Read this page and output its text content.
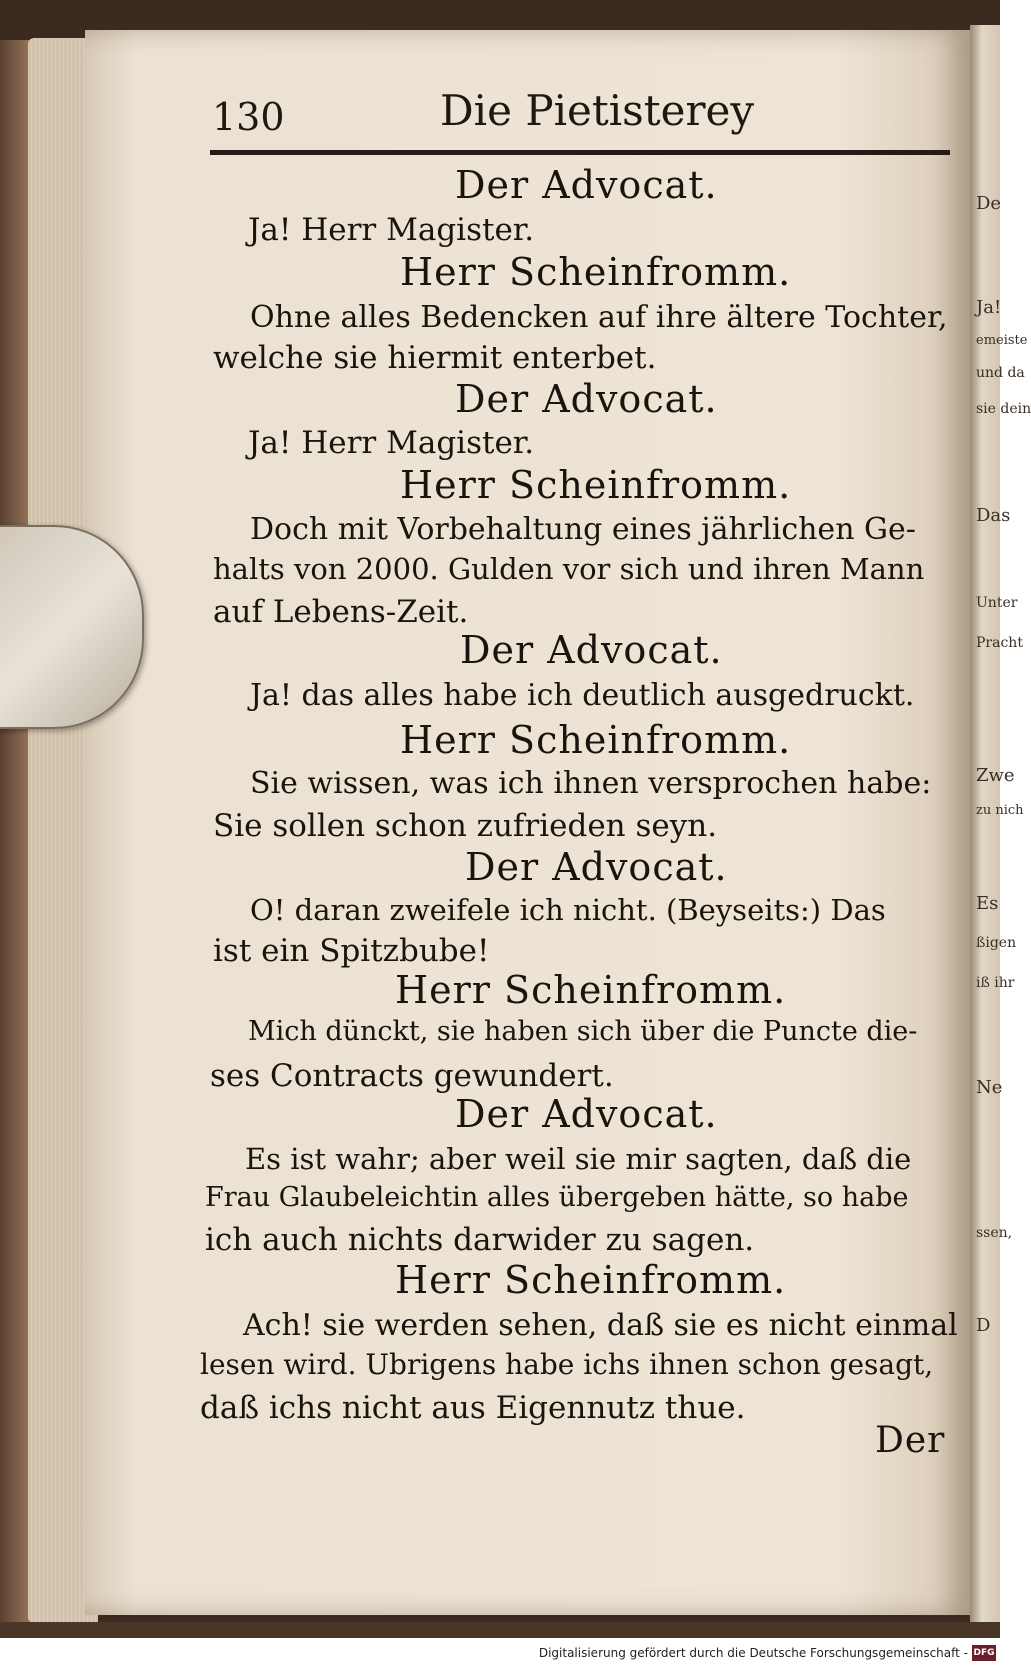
De
Ja!
emeiste
und da
sie dein
Das
Unter
Pracht
Zwe
zu nich
Es
ßigen
iß ihr
Ne
ssen,
D
130	Die Pietisterey
Der Advocat.
Ja! Herr Magister.
Herr Scheinfromm.
Ohne alles Bedencken auf ihre ältere Tochter,
welche sie hiermit enterbet.
Der Advocat.
Ja! Herr Magister.
Herr Scheinfromm.
Doch mit Vorbehaltung eines jährlichen Ge-
halts von 2000. Gulden vor sich und ihren Mann
auf Lebens-Zeit.
Der Advocat.
Ja! das alles habe ich deutlich ausgedruckt.
Herr Scheinfromm.
Sie wissen, was ich ihnen versprochen habe:
Sie sollen schon zufrieden seyn.
Der Advocat.
O! daran zweifele ich nicht. (Beyseits:) Das
ist ein Spitzbube!
Herr Scheinfromm.
Mich dünckt, sie haben sich über die Puncte die-
ses Contracts gewundert.
Der Advocat.
Es ist wahr; aber weil sie mir sagten, daß die
Frau Glaubeleichtin alles übergeben hätte, so habe
ich auch nichts darwider zu sagen.
Herr Scheinfromm.
Ach! sie werden sehen, daß sie es nicht einmal
lesen wird. Ubrigens habe ichs ihnen schon gesagt,
daß ichs nicht aus Eigennutz thue.
Der
Digitalisierung gefördert durch die Deutsche Forschungsgemeinschaft - DFG
